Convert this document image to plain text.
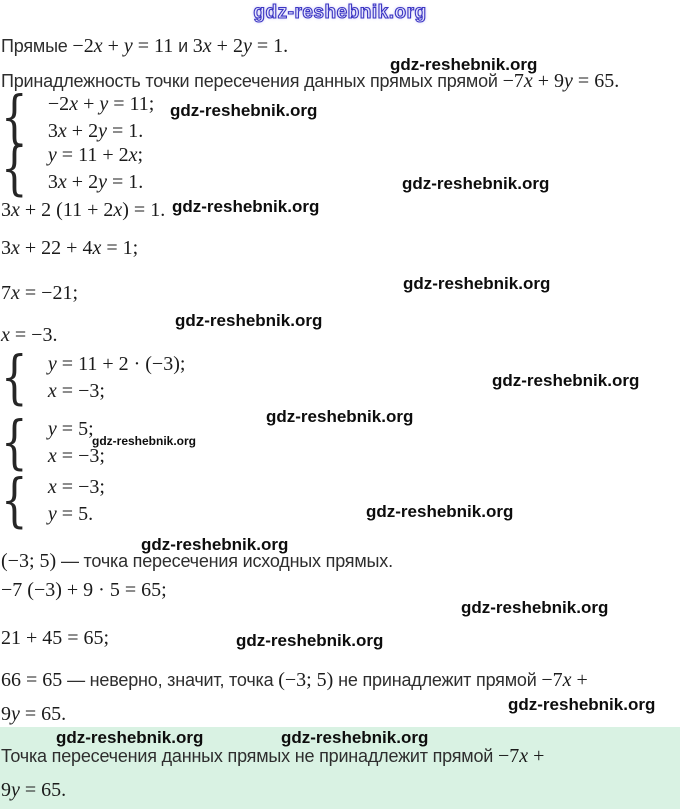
gdz-reshebnik.org
Прямые −2x + y = 11 и 3x + 2y = 1.
gdz-reshebnik.org
Принадлежность точки пересечения данных прямых прямой −7x + 9y = 65.
{ −2x + y = 11;
3x + 2y = 1.
gdz-reshebnik.org
{ y = 11 + 2x;
3x + 2y = 1.	gdz-reshebnik.org
3x + 2 (11 + 2x) = 1. gdz-reshebnik.org
3x + 22 + 4x = 1;
7x = −21;	gdz-reshebnik.org
gdz-reshebnik.org
x = −3.
{ y = 11 + 2 · (−3);
x = −3;	gdz-reshebnik.org
gdz-reshebnik.org
{ y = 5;
x = −3;
gdz-reshebnik.org
{ x = −3;
y = 5.	gdz-reshebnik.org
gdz-reshebnik.org
(−3; 5) — точка пересечения исходных прямых.
−7 (−3) + 9 · 5 = 65;
gdz-reshebnik.org
21 + 45 = 65;	gdz-reshebnik.org
66 = 65 — неверно, значит, точка (−3; 5) не принадлежит прямой −7x +
gdz-reshebnik.org
9y = 65.
gdz-reshebnik.org	gdz-reshebnik.org
Точка пересечения данных прямых не принадлежит прямой −7x +
9y = 65.
